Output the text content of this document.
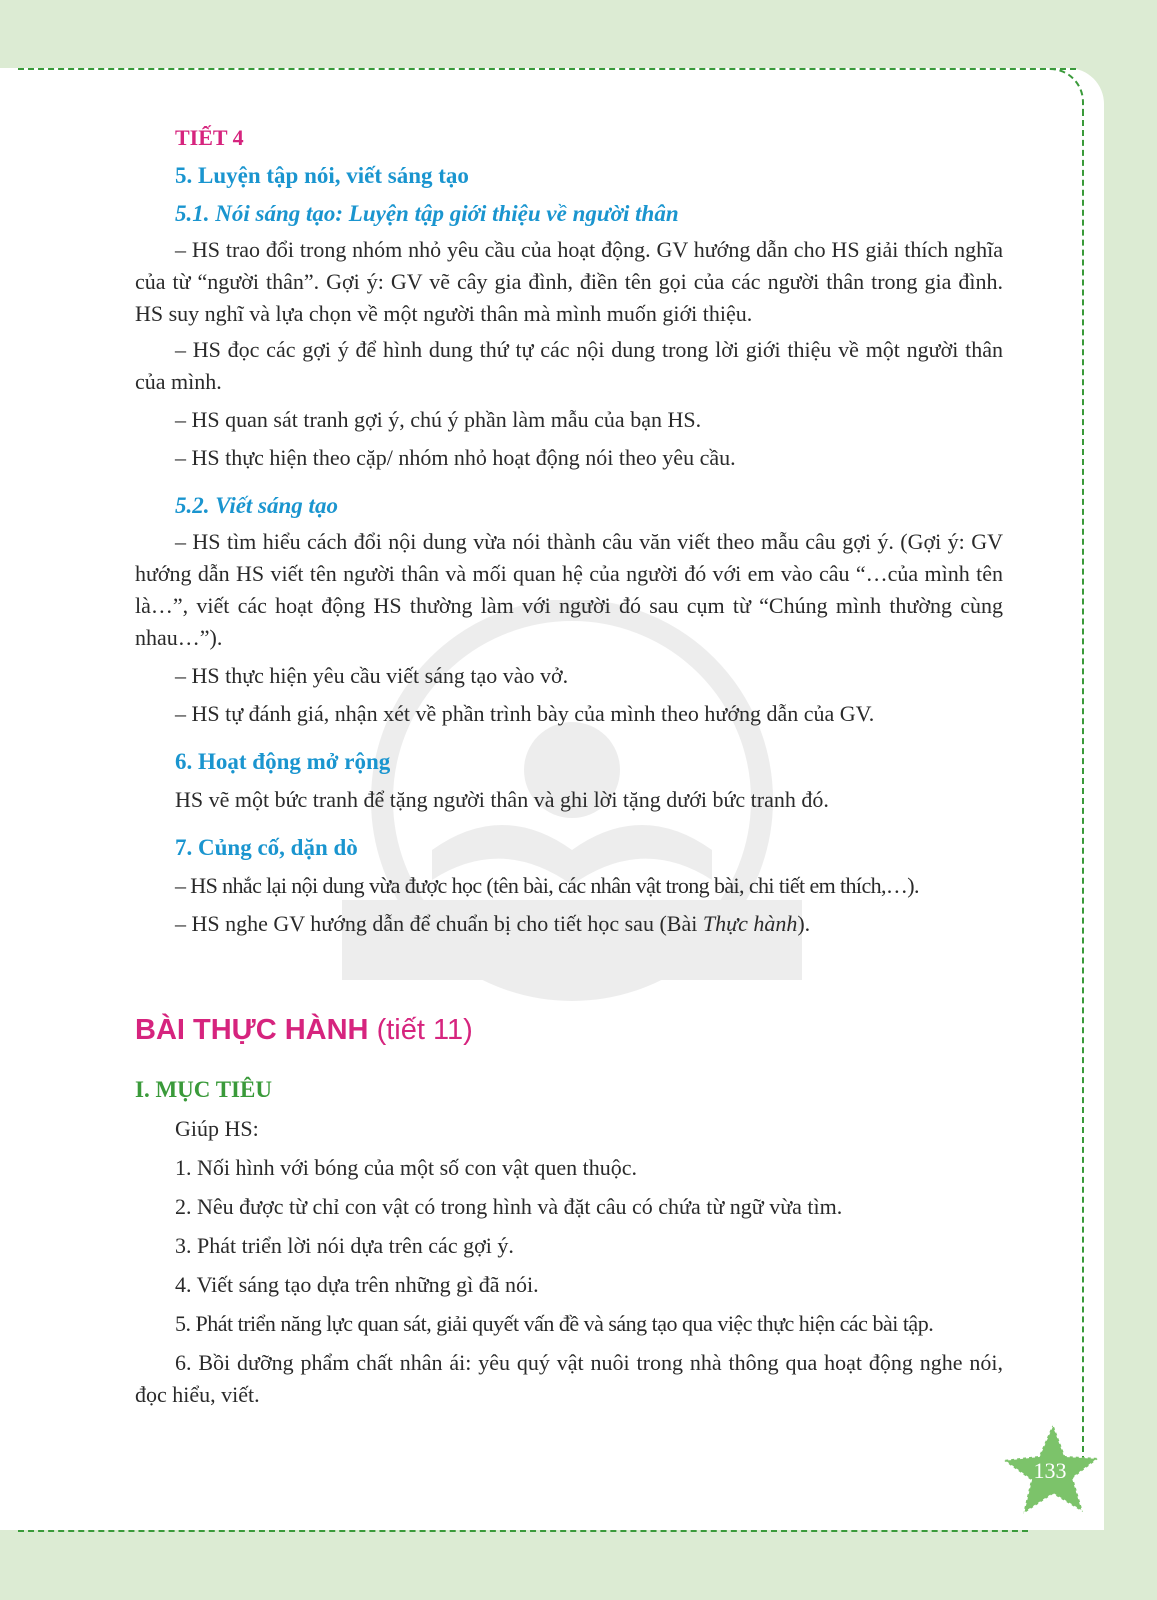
TIẾT 4
5. Luyện tập nói, viết sáng tạo
5.1. Nói sáng tạo: Luyện tập giới thiệu về người thân

– HS trao đổi trong nhóm nhỏ yêu cầu của hoạt động. GV hướng dẫn cho HS giải thích nghĩa của từ “người thân”. Gợi ý: GV vẽ cây gia đình, điền tên gọi của các người thân trong gia đình. HS suy nghĩ và lựa chọn về một người thân mà mình muốn giới thiệu.

– HS đọc các gợi ý để hình dung thứ tự các nội dung trong lời giới thiệu về một người thân của mình.

– HS quan sát tranh gợi ý, chú ý phần làm mẫu của bạn HS.

– HS thực hiện theo cặp/ nhóm nhỏ hoạt động nói theo yêu cầu.

5.2. Viết sáng tạo

– HS tìm hiểu cách đổi nội dung vừa nói thành câu văn viết theo mẫu câu gợi ý. (Gợi ý: GV hướng dẫn HS viết tên người thân và mối quan hệ của người đó với em vào câu “…của mình tên là…”, viết các hoạt động HS thường làm với người đó sau cụm từ “Chúng mình thường cùng nhau…”).

– HS thực hiện yêu cầu viết sáng tạo vào vở.

– HS tự đánh giá, nhận xét về phần trình bày của mình theo hướng dẫn của GV.

6. Hoạt động mở rộng

HS vẽ một bức tranh để tặng người thân và ghi lời tặng dưới bức tranh đó.

7. Củng cố, dặn dò

– HS nhắc lại nội dung vừa được học (tên bài, các nhân vật trong bài, chi tiết em thích,…).

– HS nghe GV hướng dẫn để chuẩn bị cho tiết học sau (Bài Thực hành).

BÀI THỰC HÀNH (tiết 11)
I. MỤC TIÊU

Giúp HS:

1. Nối hình với bóng của một số con vật quen thuộc.

2. Nêu được từ chỉ con vật có trong hình và đặt câu có chứa từ ngữ vừa tìm.

3. Phát triển lời nói dựa trên các gợi ý.

4. Viết sáng tạo dựa trên những gì đã nói.

5. Phát triển năng lực quan sát, giải quyết vấn đề và sáng tạo qua việc thực hiện các bài tập.

6. Bồi dưỡng phẩm chất nhân ái: yêu quý vật nuôi trong nhà thông qua hoạt động nghe nói, đọc hiểu, viết.

133
